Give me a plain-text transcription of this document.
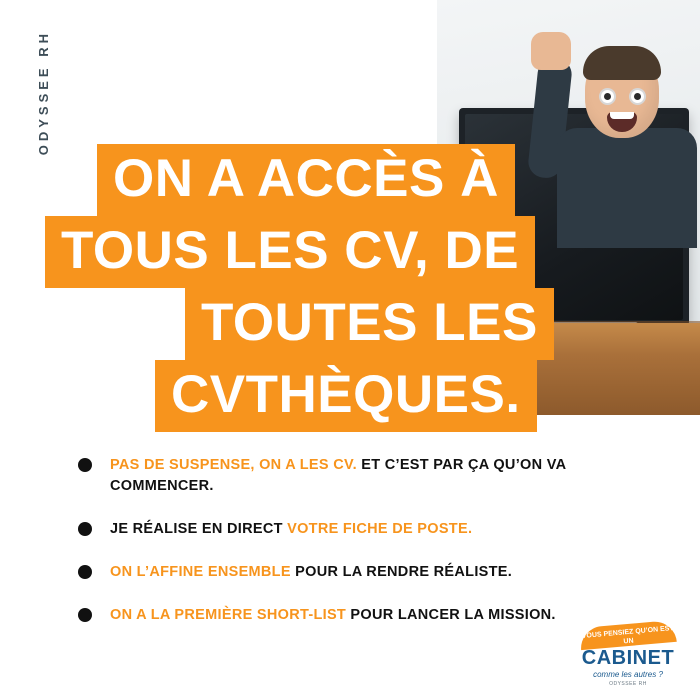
ODYSSEE RH
ON A ACCÈS À
TOUS LES CV, DE
TOUTES LES
CVTHÈQUES.
PAS DE SUSPENSE, ON A LES CV. ET C’EST PAR ÇA QU’ON VA COMMENCER.
JE RÉALISE EN DIRECT VOTRE FICHE DE POSTE.
ON L’AFFINE ENSEMBLE POUR LA RENDRE RÉALISTE.
ON A LA PREMIÈRE SHORT-LIST POUR LANCER LA MISSION.
VOUS PENSIEZ QU’ON EST UN
CABINET
comme les autres ?
ODYSSEE RH
